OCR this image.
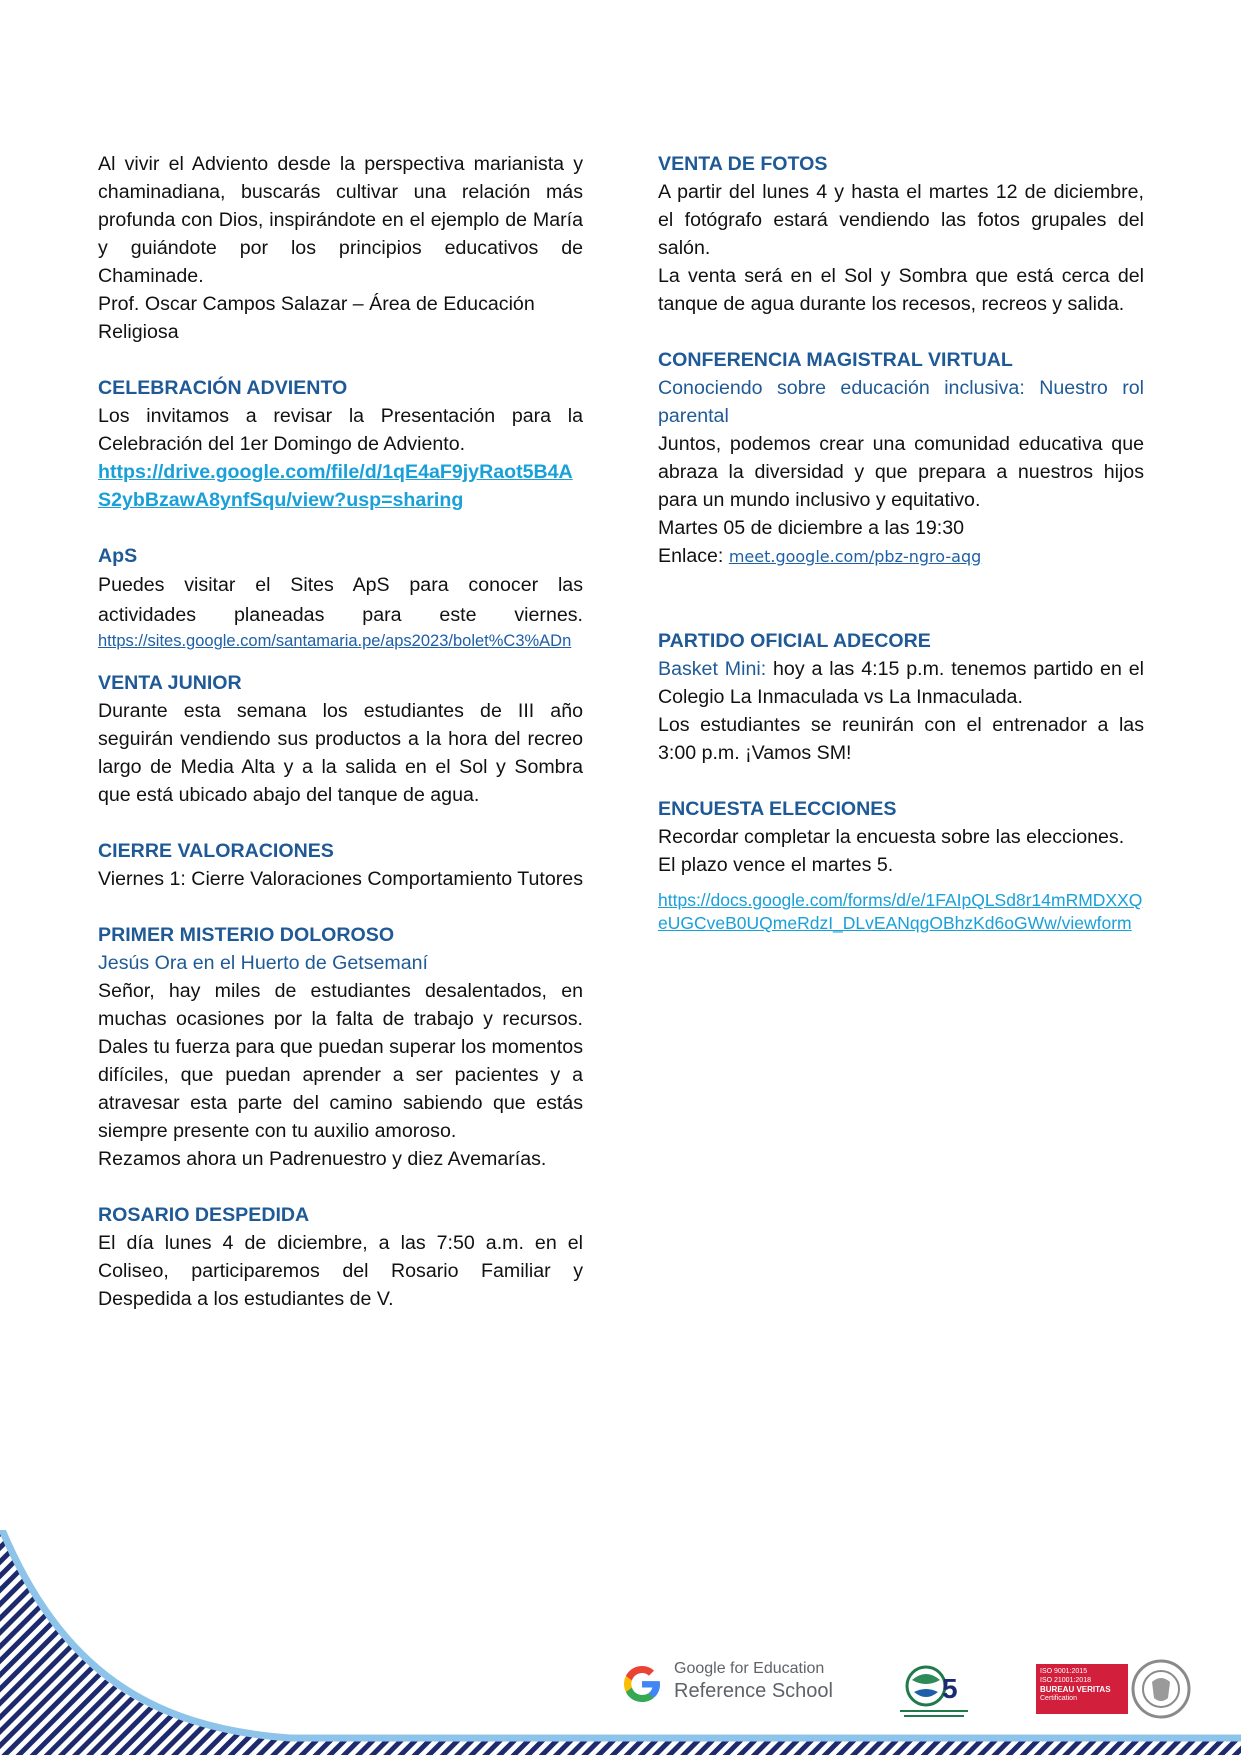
Al vivir el Adviento desde la perspectiva marianista y chaminadiana, buscarás cultivar una relación más profunda con Dios, inspirándote en el ejemplo de María y guiándote por los principios educativos de Chaminade.

Prof. Oscar Campos Salazar – Área de Educación Religiosa

CELEBRACIÓN ADVIENTO

Los invitamos a revisar la Presentación para la Celebración del 1er Domingo de Adviento.

https://drive.google.com/file/d/1qE4aF9jyRaot5B4AS2ybBzawA8ynfSqu/view?usp=sharing
ApS

Puedes visitar el Sites ApS para conocer las actividades planeadas para este viernes.

https://sites.google.com/santamaria.pe/aps2023/bolet%C3%ADn
VENTA JUNIOR

Durante esta semana los estudiantes de III año seguirán vendiendo sus productos a la hora del recreo largo de Media Alta y a la salida en el Sol y Sombra que está ubicado abajo del tanque de agua.

CIERRE VALORACIONES

Viernes 1: Cierre Valoraciones Comportamiento Tutores

PRIMER MISTERIO DOLOROSO
Jesús Ora en el Huerto de Getsemaní

Señor, hay miles de estudiantes desalentados, en muchas ocasiones por la falta de trabajo y recursos. Dales tu fuerza para que puedan superar los momentos difíciles, que puedan aprender a ser pacientes y a atravesar esta parte del camino sabiendo que estás siempre presente con tu auxilio amoroso.

Rezamos ahora un Padrenuestro y diez Avemarías.

ROSARIO DESPEDIDA

El día lunes 4 de diciembre, a las 7:50 a.m. en el Coliseo, participaremos del Rosario Familiar y Despedida a los estudiantes de V.

VENTA DE FOTOS

A partir del lunes 4 y hasta el martes 12 de diciembre, el fotógrafo estará vendiendo las fotos grupales del salón.

La venta será en el Sol y Sombra que está cerca del tanque de agua durante los recesos, recreos y salida.

CONFERENCIA MAGISTRAL VIRTUAL
Conociendo sobre educación inclusiva: Nuestro rol parental

Juntos, podemos crear una comunidad educativa que abraza la diversidad y que prepara a nuestros hijos para un mundo inclusivo y equitativo.

Martes 05 de diciembre a las 19:30

Enlace: meet.google.com/pbz-ngro-aqg

PARTIDO OFICIAL ADECORE

Basket Mini: hoy a las 4:15 p.m. tenemos partido en el Colegio La Inmaculada vs La Inmaculada.

Los estudiantes se reunirán con el entrenador a las 3:00 p.m. ¡Vamos SM!

ENCUESTA ELECCIONES

Recordar completar la encuesta sobre las elecciones.

El plazo vence el martes 5.

https://docs.google.com/forms/d/e/1FAIpQLSd8r14mRMDXXQeUGCveB0UQmeRdzI_DLvEANqgOBhzKd6oGWw/viewform
Google for Education
Reference School	5
ISO 9001:2015
ISO 21001:2018
BUREAU VERITAS
Certification
